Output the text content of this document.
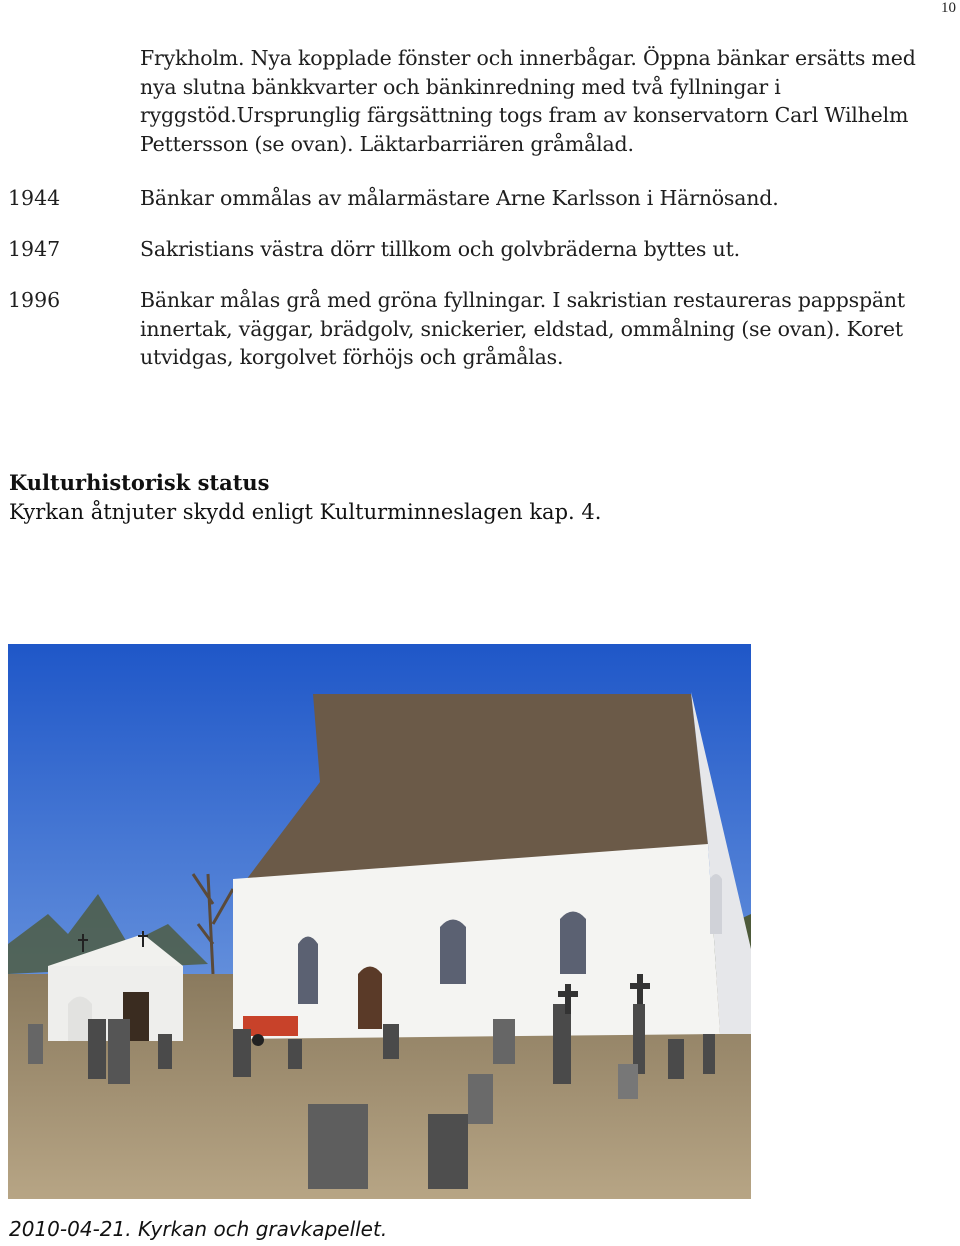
10
Frykholm. Nya kopplade fönster och innerbågar. Öppna bänkar ersätts med
nya slutna bänkkvarter och bänkinredning med två fyllningar i
ryggstöd.Ursprunglig färgsättning togs fram av konservatorn Carl Wilhelm
Pettersson (se ovan). Läktarbarriären gråmålad.
1944	Bänkar ommålas av målarmästare Arne Karlsson i Härnösand.
1947	Sakristians västra dörr tillkom och golvbräderna byttes ut.
1996	Bänkar målas grå med gröna fyllningar. I sakristian restaureras pappspänt
innertak, väggar, brädgolv, snickerier, eldstad, ommålning (se ovan). Koret
utvidgas, korgolvet förhöjs och gråmålas.
Kulturhistorisk status
Kyrkan åtnjuter skydd enligt Kulturminneslagen kap. 4.
2010-04-21. Kyrkan och gravkapellet.
